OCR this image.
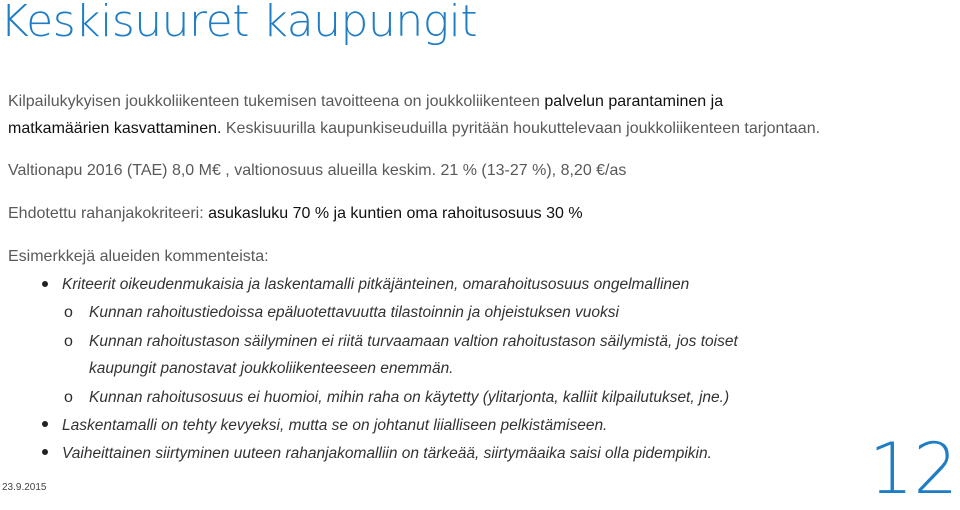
Keskisuuret kaupungit
Kilpailukykyisen joukkoliikenteen tukemisen tavoitteena on joukkoliikenteen palvelun parantaminen ja
matkamäärien kasvattaminen. Keskisuurilla kaupunkiseuduilla pyritään houkuttelevaan joukkoliikenteen tarjontaan.
Valtionapu 2016 (TAE) 8,0 M€ , valtionosuus alueilla keskim. 21 % (13-27 %), 8,20 €/as
Ehdotettu rahanjakokriteeri: asukasluku 70 % ja kuntien oma rahoitusosuus 30 %
Esimerkkejä alueiden kommenteista:
Kriteerit oikeudenmukaisia ja laskentamalli pitkäjänteinen, omarahoitusosuus ongelmallinen
o Kunnan rahoitustiedoissa epäluotettavuutta tilastoinnin ja ohjeistuksen vuoksi
o Kunnan rahoitustason säilyminen ei riitä turvaamaan valtion rahoitustason säilymistä, jos toiset
kaupungit panostavat joukkoliikenteeseen enemmän.
o Kunnan rahoitusosuus ei huomioi, mihin raha on käytetty (ylitarjonta, kalliit kilpailutukset, jne.)
Laskentamalli on tehty kevyeksi, mutta se on johtanut liialliseen pelkistämiseen.
Vaiheittainen siirtyminen uuteen rahanjakomalliin on tärkeää, siirtymäaika saisi olla pidempikin.
23.9.2015	12
